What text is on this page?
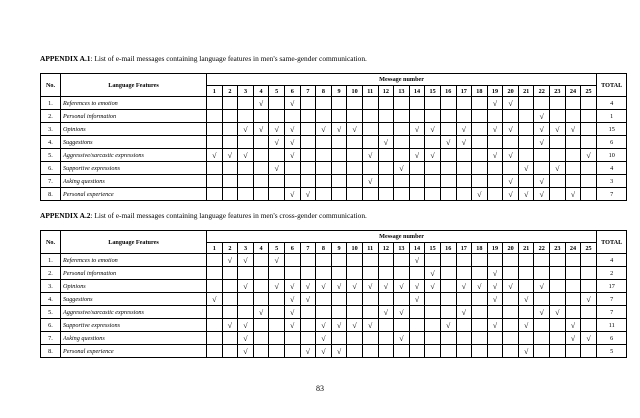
APPENDIX A.1: List of e-mail messages containing language features in men's same-gender communication.
No.	Language Features	Message number																									TOTAL
		1	2	3	4	5	6	7	8	9	10	11	12	13	14	15	16	17	18	19	20	21	22	23	24	25	
1.	References to emotion				√		√													√	√							4
2.	Personal information																						√					1
3.	Opinions			√	√	√	√		√	√	√				√	√		√		√	√		√	√	√			15
4.	Suggestions					√	√						√				√	√					√					6
5.	Aggressive/sarcastic expressions	√	√	√			√					√			√	√				√	√					√		10
6.	Supportive expressions					√								√								√		√				4
7.	Asking questions											√									√		√					3
8.	Personal experience						√	√											√		√	√	√		√			7
APPENDIX A.2: List of e-mail messages containing language features in men's cross-gender communication.
No.	Language Features	Message number																									TOTAL
		1	2	3	4	5	6	7	8	9	10	11	12	13	14	15	16	17	18	19	20	21	22	23	24	25	
1.	References to emotion		√	√		√									√													4
2.	Personal information															√				√								2
3.	Opinions			√		√	√	√	√	√	√	√	√	√	√	√		√	√	√	√		√					17
4.	Suggestions	√					√	√							√					√		√				√		7
5.	Aggressive/sarcastic expressions				√		√						√	√				√					√	√				7
6.	Supportive expressions		√	√			√		√	√	√	√					√			√		√			√			11
7.	Asking questions			√					√					√											√	√		6
8.	Personal experience			√				√	√	√												√						5
83
